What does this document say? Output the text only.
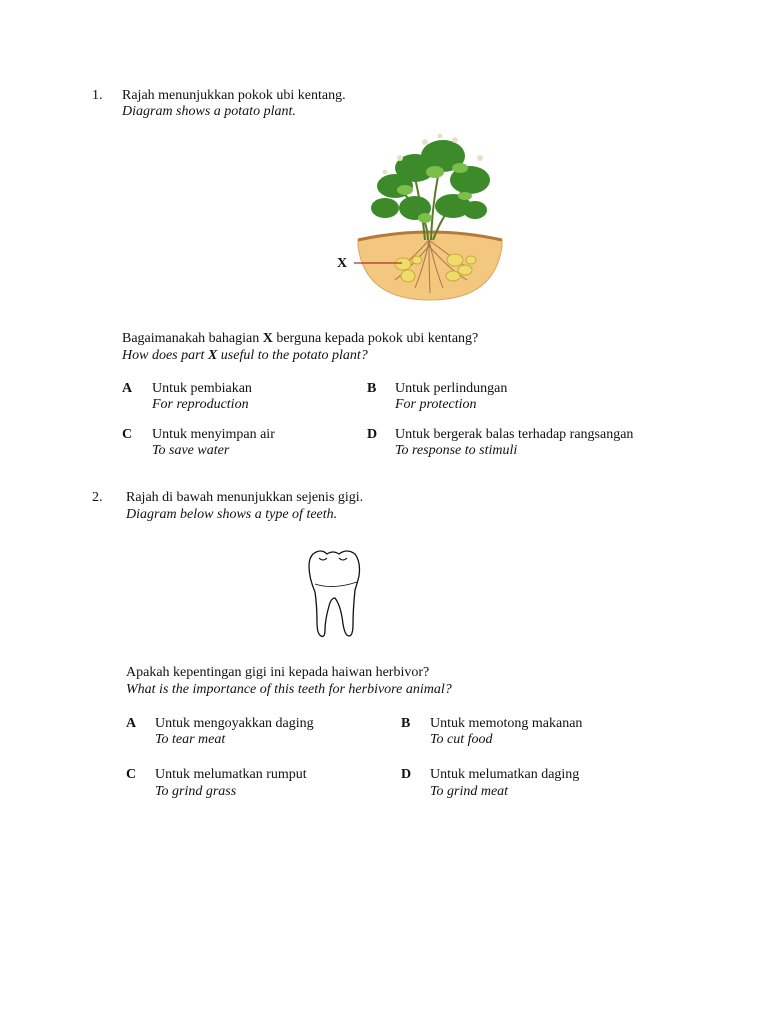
1. Rajah menunjukkan pokok ubi kentang.
Diagram shows a potato plant.
X
Bagaimanakah bahagian X berguna kepada pokok ubi kentang?
How does part X useful to the potato plant?
A Untuk pembiakan
For reproduction
B Untuk perlindungan
For protection
C Untuk menyimpan air
To save water
D Untuk bergerak balas terhadap rangsangan
To response to stimuli
2. Rajah di bawah menunjukkan sejenis gigi.
Diagram below shows a type of teeth.
Apakah kepentingan gigi ini kepada haiwan herbivor?
What is the importance of this teeth for herbivore animal?
A Untuk mengoyakkan daging
To tear meat
B Untuk memotong makanan
To cut food
C Untuk melumatkan rumput
To grind grass
D Untuk melumatkan daging
To grind meat
